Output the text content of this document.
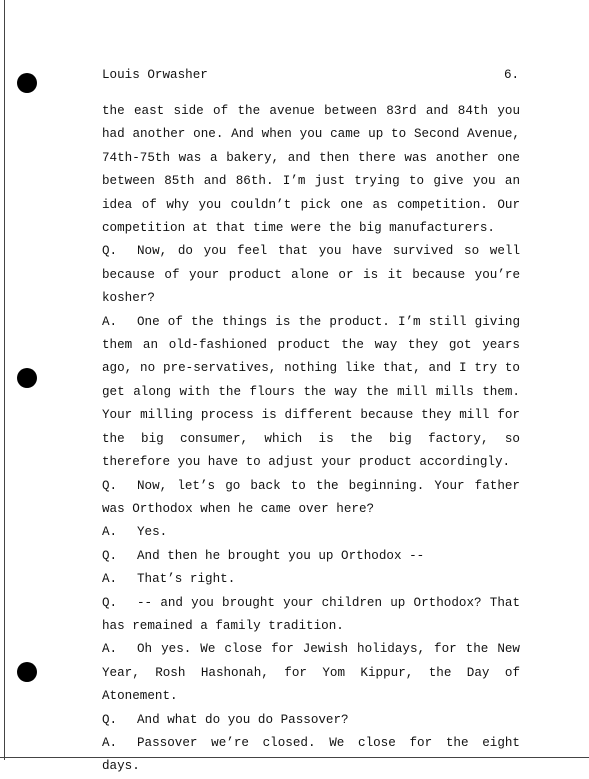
Louis Orwasher	6.

the east side of the avenue between 83rd and 84th you had another one. And when you came up to Second Avenue, 74th-75th was a bakery, and then there was another one between 85th and 86th. I’m just trying to give you an idea of why you couldn’t pick one as competition. Our competition at that time were the big manufacturers.

Q. Now, do you feel that you have survived so well because of your product alone or is it because you’re kosher?

A. One of the things is the product. I’m still giving them an old-fashioned product the way they got years ago, no pre-servatives, nothing like that, and I try to get along with the flours the way the mill mills them. Your milling process is different because they mill for the big consumer, which is the big factory, so therefore you have to adjust your product accordingly.

Q. Now, let’s go back to the beginning. Your father was Orthodox when he came over here?

A. Yes.

Q. And then he brought you up Orthodox --

A. That’s right.

Q. -- and you brought your children up Orthodox? That has remained a family tradition.

A. Oh yes. We close for Jewish holidays, for the New Year, Rosh Hashonah, for Yom Kippur, the Day of Atonement.

Q. And what do you do Passover?

A. Passover we’re closed. We close for the eight days.
